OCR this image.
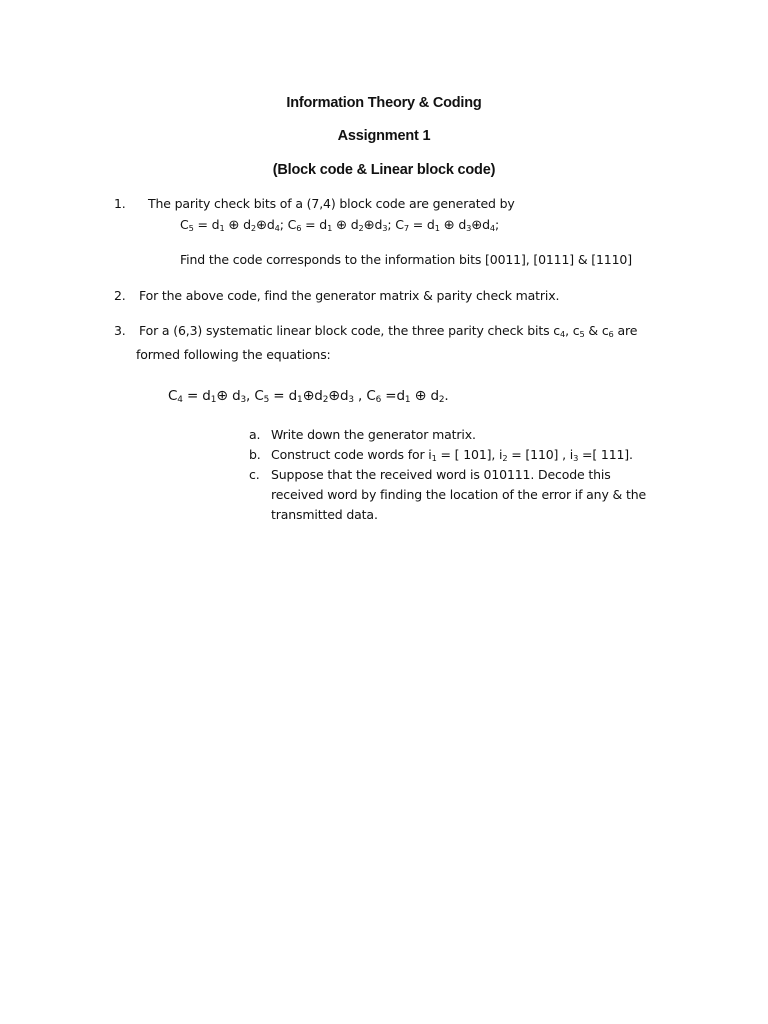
Information Theory & Coding
Assignment 1
(Block code & Linear block code)
1. The parity check bits of a (7,4) block code are generated by
$C_5 = d_1$ ⊕ $d_2\oplus d_4$; $C_6 = d_1$ ⊕ $d_2\oplus d_3$; $C_7 = d_1$ ⊕ $d_3\oplus d_4$;
Find the code corresponds to the information bits [0011], [0111] & [1110]
2. For the above code, find the generator matrix & parity check matrix.
3. For a (6,3) systematic linear block code, the three parity check bits $c_4$, $c_5$ & $c_6$ are
formed following the equations:
$C_4$ = $d_1\oplus$ $d_3$, $C_5$ = $d_1\oplus d_2\oplus d_3$ , $C_6 =d_1$ ⊕ $d_2$.
a. Write down the generator matrix.
b. Construct code words for $i_1$ = [ 101], $i_2 = [110]$ , $i_3$ =[ 111].
c. Suppose that the received word is 010111. Decode this
received word by finding the location of the error if any & the
transmitted data.
